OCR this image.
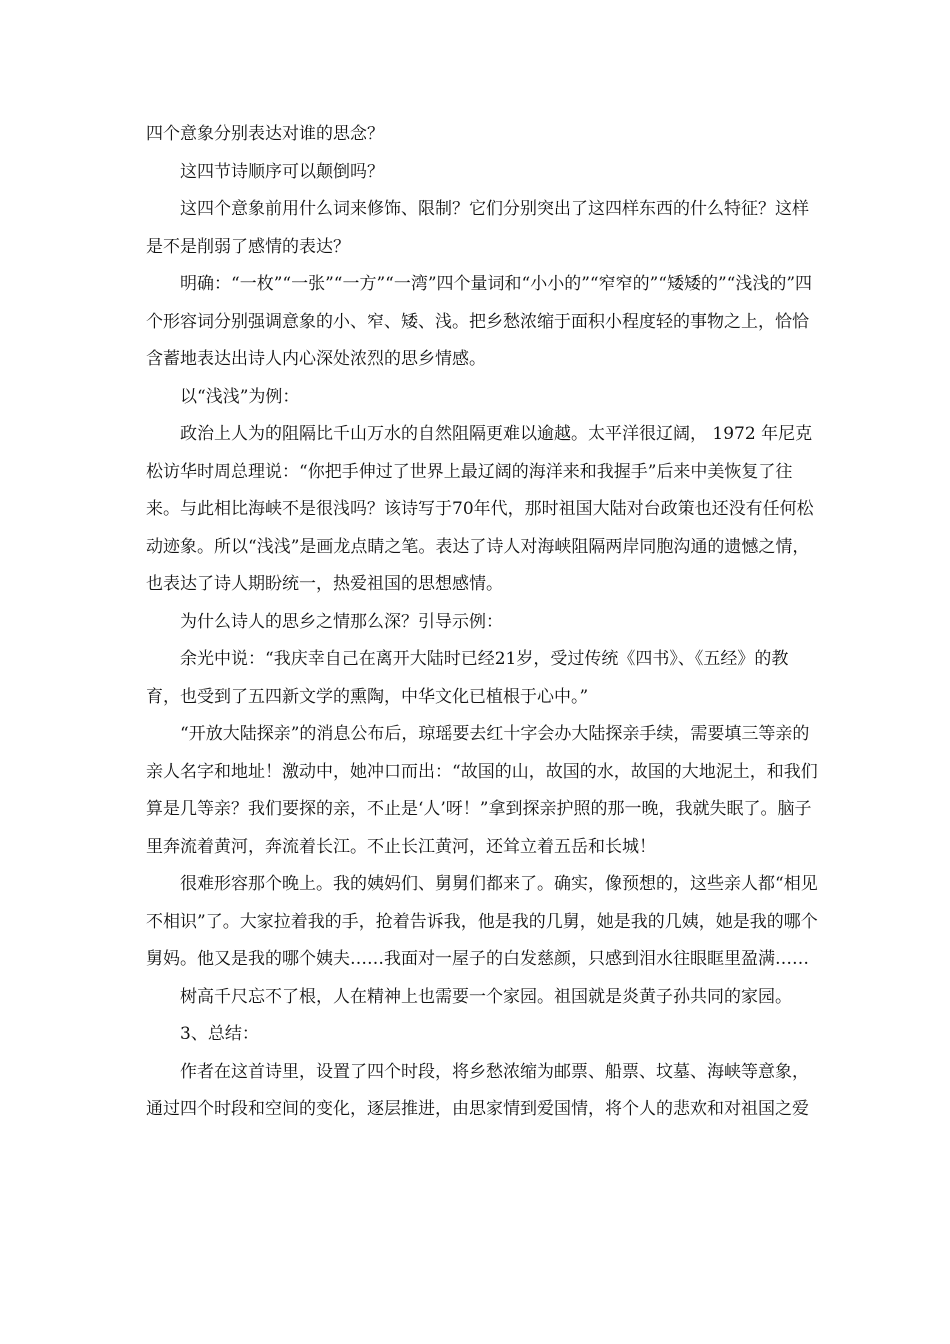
四个意象分别表达对谁的思念？

这四节诗顺序可以颠倒吗？

这四个意象前用什么词来修饰、限制？它们分别突出了这四样东西的什么特征？这样是不是削弱了感情的表达？

明确：“一枚”“一张”“一方”“一湾”四个量词和“小小的”“窄窄的”“矮矮的”“浅浅的”四个形容词分别强调意象的小、窄、矮、浅。把乡愁浓缩于面积小程度轻的事物之上，恰恰含蓄地表达出诗人内心深处浓烈的思乡情感。

以“浅浅”为例：

政治上人为的阻隔比千山万水的自然阻隔更难以逾越。太平洋很辽阔， 1972 年尼克松访华时周总理说：“你把手伸过了世界上最辽阔的海洋来和我握手”后来中美恢复了往来。与此相比海峡不是很浅吗？该诗写于70年代，那时祖国大陆对台政策也还没有任何松动迹象。所以“浅浅”是画龙点睛之笔。表达了诗人对海峡阻隔两岸同胞沟通的遗憾之情，也表达了诗人期盼统一，热爱祖国的思想感情。

为什么诗人的思乡之情那么深？引导示例：

余光中说：“我庆幸自己在离开大陆时已经21岁，受过传统《四书》、《五经》的教育，也受到了五四新文学的熏陶，中华文化已植根于心中。”

“开放大陆探亲”的消息公布后，琼瑶要去红十字会办大陆探亲手续，需要填三等亲的亲人名字和地址！激动中，她冲口而出：“故国的山，故国的水，故国的大地泥土，和我们算是几等亲？我们要探的亲，不止是‘人’呀！”拿到探亲护照的那一晚，我就失眠了。脑子里奔流着黄河，奔流着长江。不止长江黄河，还耸立着五岳和长城！

很难形容那个晚上。我的姨妈们、舅舅们都来了。确实，像预想的，这些亲人都“相见不相识”了。大家拉着我的手，抢着告诉我，他是我的几舅，她是我的几姨，她是我的哪个舅妈。他又是我的哪个姨夫……我面对一屋子的白发慈颜，只感到泪水往眼眶里盈满……

树高千尺忘不了根，人在精神上也需要一个家园。祖国就是炎黄子孙共同的家园。

3、总结：

作者在这首诗里，设置了四个时段，将乡愁浓缩为邮票、船票、坟墓、海峡等意象，通过四个时段和空间的变化，逐层推进，由思家情到爱国情，将个人的悲欢和对祖国之爱
